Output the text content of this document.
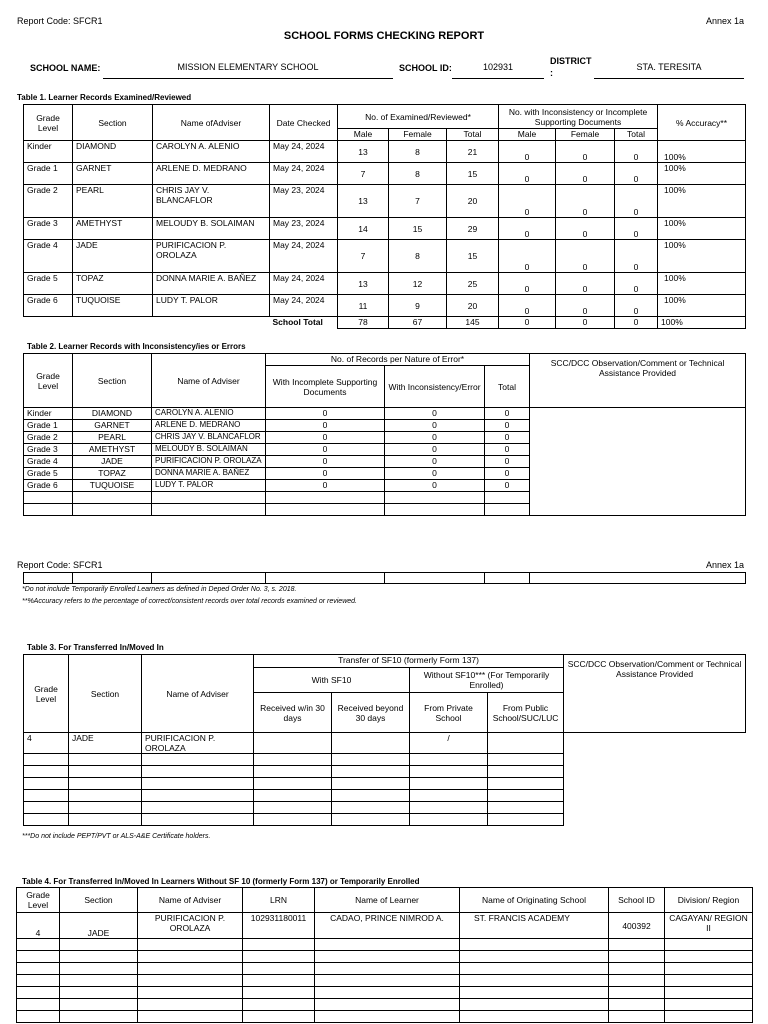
Report Code: SFCR1	Annex 1a
SCHOOL FORMS CHECKING REPORT
SCHOOL NAME:	MISSION ELEMENTARY SCHOOL	SCHOOL ID:	102931
DISTRICT
:
STA. TERESITA
Table 1. Learner Records Examined/Reviewed
Grade Level	Section	Name ofAdviser	Date Checked	No. of Examined/Reviewed*			No. with Inconsistency or Incomplete Supporting Documents			% Accuracy**
				Male	Female	Total	Male	Female	Total	
Kinder	DIAMOND	CAROLYN A. ALENIO	May 24, 2024	13	8	21	0	0	0	100%
Grade 1	GARNET	ARLENE D. MEDRANO	May 24, 2024	7	8	15	0	0	0	100%
Grade 2	PEARL	CHRIS JAY V. BLANCAFLOR	May 23, 2024	13	7	20	0	0	0	100%
Grade 3	AMETHYST	MELOUDY B. SOLAIMAN	May 23, 2024	14	15	29	0	0	0	100%
Grade 4	JADE	PURIFICACION P. OROLAZA	May 24, 2024	7	8	15	0	0	0	100%
Grade 5	TOPAZ	DONNA MARIE A. BAÑEZ	May 24, 2024	13	12	25	0	0	0	100%
Grade 6	TUQUOISE	LUDY T. PALOR	May 24, 2024	11	9	20	0	0	0	100%
			School Total	78	67	145	0	0	0	100%
Table 2. Learner Records with Inconsistency/ies or Errors
Grade Level	Section	Name of Adviser	No. of Records per Nature of Error*			SCC/DCC Observation/Comment or Technical Assistance Provided
			With Incomplete Supporting Documents	With Inconsistency/Error	Total	
Kinder	DIAMOND	CAROLYN A. ALENIO	0	0	0	
Grade 1	GARNET	ARLENE D. MEDRANO	0	0	0	
Grade 2	PEARL	CHRIS JAY V. BLANCAFLOR	0	0	0	
Grade 3	AMETHYST	MELOUDY B. SOLAIMAN	0	0	0	
Grade 4	JADE	PURIFICACION P. OROLAZA	0	0	0	
Grade 5	TOPAZ	DONNA MARIE A. BAÑEZ	0	0	0	
Grade 6	TUQUOISE	LUDY T. PALOR	0	0	0	

Report Code: SFCR1	Annex 1a

*Do not include Temporarily Enrolled Learners as defined in Deped Order No. 3, s. 2018.
**%Accuracy refers to the percentage of correct/consistent records over total records examined or reviewed.
Table 3. For Transferred In/Moved In
Grade Level	Section	Name of Adviser	Transfer of SF10 (formerly Form 137)				SCC/DCC Observation/Comment or Technical Assistance Provided
			With SF10		Without SF10*** (For Temporarily Enrolled)		
			Received w/in 30 days	Received beyond 30 days	From Private School	From Public School/SUC/LUC	
4	JADE	PURIFICACION P. OROLAZA			/		

***Do not include PEPT/PVT or ALS-A&E Certificate holders.
Table 4. For Transferred In/Moved In Learners Without SF 10 (formerly Form 137) or Temporarily Enrolled
Grade Level	Section	Name of Adviser	LRN	Name of Learner	Name of Originating School	School ID	Division/ Region
4	JADE	PURIFICACION P. OROLAZA	102931180011	CADAO, PRINCE NIMROD A.	ST. FRANCIS ACADEMY	400392	CAGAYAN/ REGION II
